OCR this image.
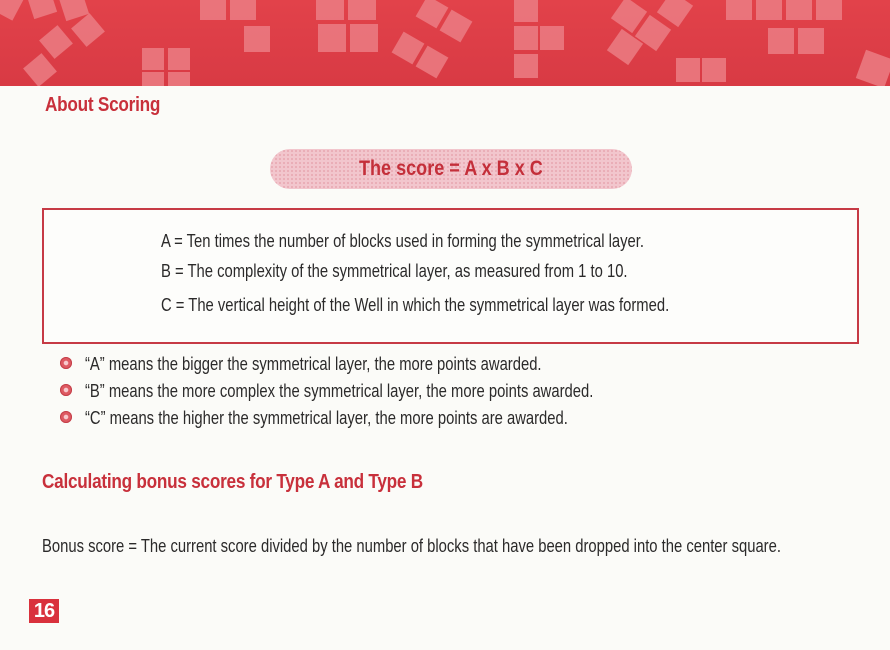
About Scoring
The score = A x B x C
A = Ten times the number of blocks used in forming the symmetrical layer.
B = The complexity of the symmetrical layer, as measured from 1 to 10.
C = The vertical height of the Well in which the symmetrical layer was formed.
“A” means the bigger the symmetrical layer, the more points awarded.
“B” means the more complex the symmetrical layer, the more points awarded.
“C” means the higher the symmetrical layer, the more points are awarded.
Calculating bonus scores for Type A and Type B

Bonus score = The current score divided by the number of blocks that have been dropped into the center square.

16
